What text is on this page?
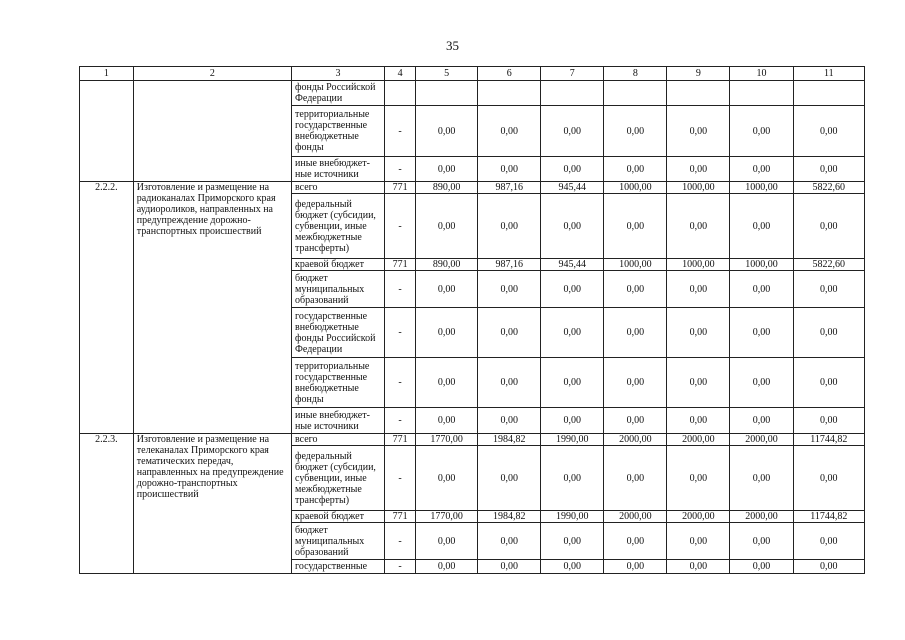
35
1	2	3	4	5	6	7	8	9	10	11
		фонды Российской Федерации								
		территориальные государственные внебюджетные фонды	-	0,00	0,00	0,00	0,00	0,00	0,00	0,00
		иные внебюджет-ные источники	-	0,00	0,00	0,00	0,00	0,00	0,00	0,00
2.2.2.	Изготовление и размещение на радиоканалах Приморского края аудиороликов, направленных на предупреждение дорожно-транспортных происшествий	всего	771	890,00	987,16	945,44	1000,00	1000,00	1000,00	5822,60
		федеральный бюджет (субсидии, субвенции, иные межбюджетные трансферты)	-	0,00	0,00	0,00	0,00	0,00	0,00	0,00
		краевой бюджет	771	890,00	987,16	945,44	1000,00	1000,00	1000,00	5822,60
		бюджет муниципальных образований	-	0,00	0,00	0,00	0,00	0,00	0,00	0,00
		государственные внебюджетные фонды Российской Федерации	-	0,00	0,00	0,00	0,00	0,00	0,00	0,00
		территориальные государственные внебюджетные фонды	-	0,00	0,00	0,00	0,00	0,00	0,00	0,00
		иные внебюджет-ные источники	-	0,00	0,00	0,00	0,00	0,00	0,00	0,00
2.2.3.	Изготовление и размещение на телеканалах Приморского края тематических передач, направленных на предупреждение дорожно-транспортных происшествий	всего	771	1770,00	1984,82	1990,00	2000,00	2000,00	2000,00	11744,82
		федеральный бюджет (субсидии, субвенции, иные межбюджетные трансферты)	-	0,00	0,00	0,00	0,00	0,00	0,00	0,00
		краевой бюджет	771	1770,00	1984,82	1990,00	2000,00	2000,00	2000,00	11744,82
		бюджет муниципальных образований	-	0,00	0,00	0,00	0,00	0,00	0,00	0,00
		государственные	-	0,00	0,00	0,00	0,00	0,00	0,00	0,00
